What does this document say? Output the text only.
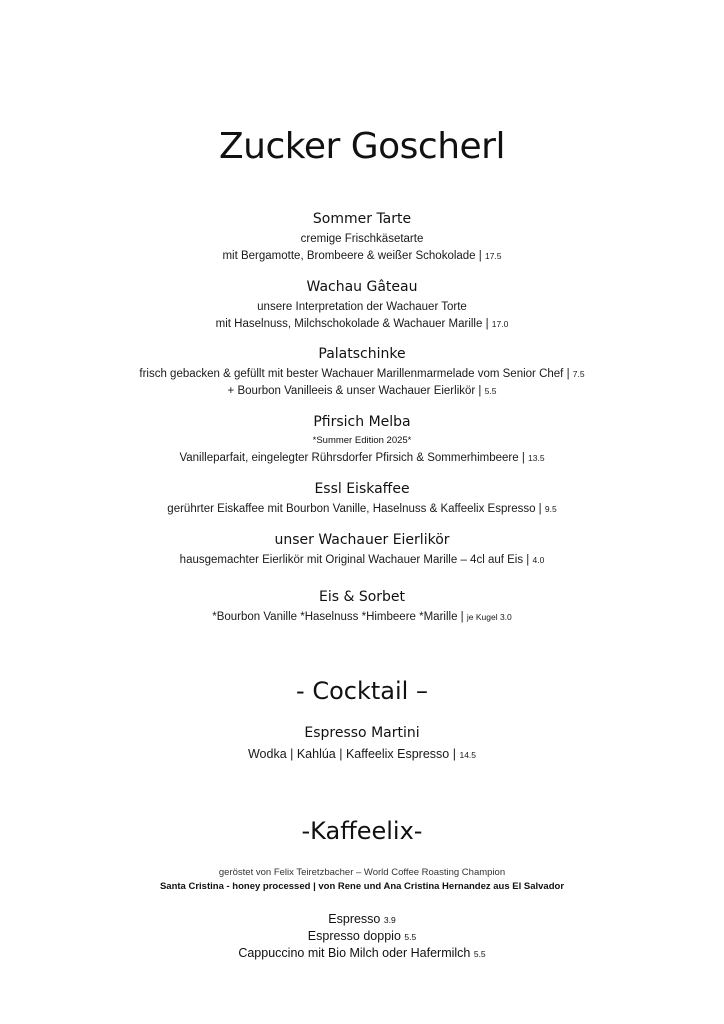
Zucker Goscherl
Sommer Tarte
cremige Frischkäsetarte
mit Bergamotte, Brombeere & weißer Schokolade | 17.5
Wachau Gâteau
unsere Interpretation der Wachauer Torte
mit Haselnuss, Milchschokolade & Wachauer Marille | 17.0
Palatschinke
frisch gebacken & gefüllt mit bester Wachauer Marillenmarmelade vom Senior Chef | 7.5
+ Bourbon Vanilleeis & unser Wachauer Eierlikör | 5.5
Pfirsich Melba
*Summer Edition 2025*
Vanilleparfait, eingelegter Rührsdorfer Pfirsich & Sommerhimbeere | 13.5
Essl Eiskaffee
gerührter Eiskaffee mit Bourbon Vanille, Haselnuss & Kaffeelix Espresso | 9.5
unser Wachauer Eierlikör
hausgemachter Eierlikör mit Original Wachauer Marille – 4cl auf Eis | 4.0
Eis & Sorbet
*Bourbon Vanille *Haselnuss *Himbeere *Marille | je Kugel 3.0
- Cocktail –
Espresso Martini
Wodka | Kahlúa | Kaffeelix Espresso | 14.5
-Kaffeelix-
geröstet von Felix Teiretzbacher – World Coffee Roasting Champion
Santa Cristina - honey processed | von Rene und Ana Cristina Hernandez aus El Salvador
Espresso 3.9
Espresso doppio 5.5
Cappuccino mit Bio Milch oder Hafermilch 5.5
